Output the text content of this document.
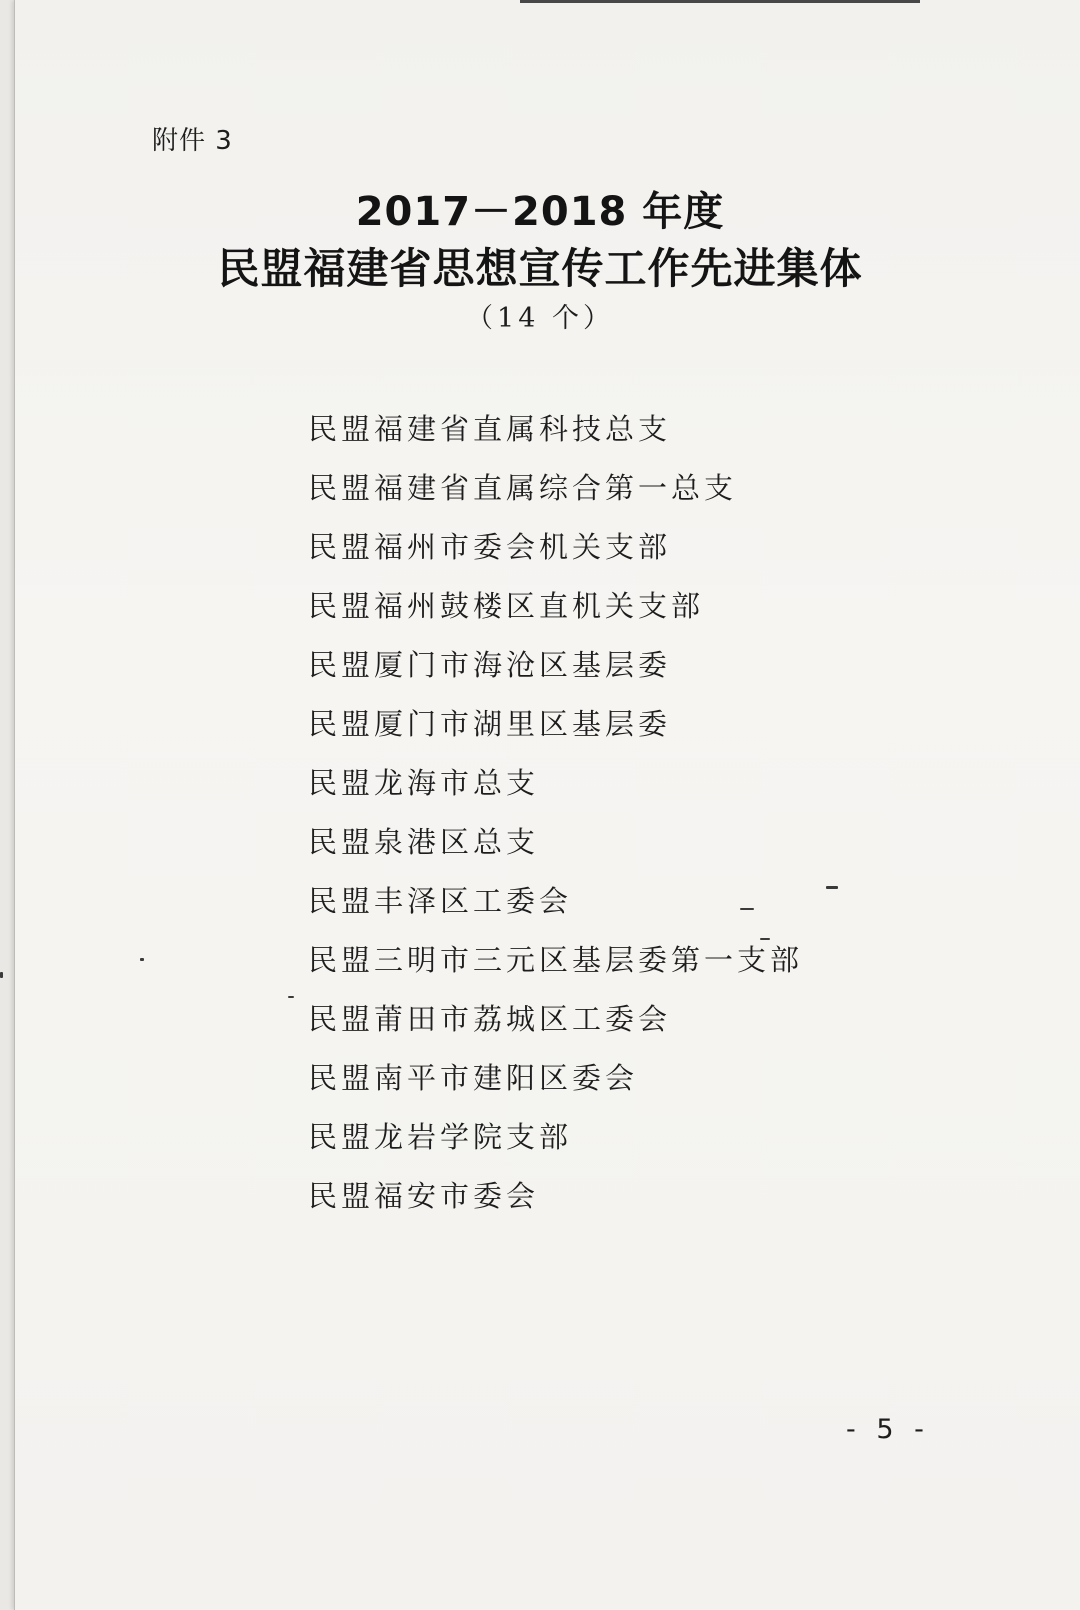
附件 3
2017－2018 年度
民盟福建省思想宣传工作先进集体
（14 个）
民盟福建省直属科技总支
民盟福建省直属综合第一总支
民盟福州市委会机关支部
民盟福州鼓楼区直机关支部
民盟厦门市海沧区基层委
民盟厦门市湖里区基层委
民盟龙海市总支
民盟泉港区总支
民盟丰泽区工委会
民盟三明市三元区基层委第一支部
民盟莆田市荔城区工委会
民盟南平市建阳区委会
民盟龙岩学院支部
民盟福安市委会
- 5 -
